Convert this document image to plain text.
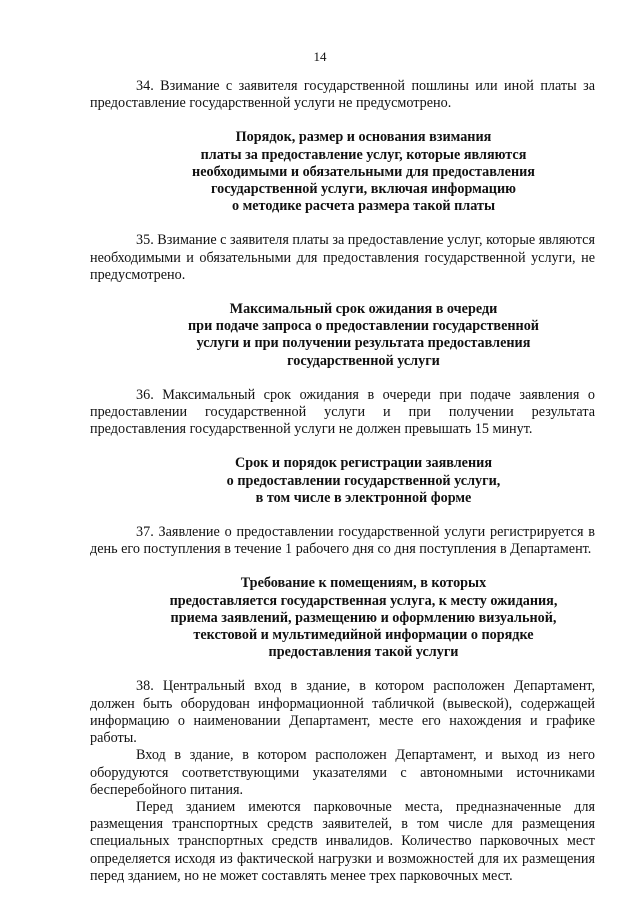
14

34. Взимание с заявителя государственной пошлины или иной платы за предоставление государственной услуги не предусмотрено.

Порядок, размер и основания взимания
платы за предоставление услуг, которые являются
необходимыми и обязательными для предоставления
государственной услуги, включая информацию
о методике расчета размера такой платы

35. Взимание с заявителя платы за предоставление услуг, которые являются необходимыми и обязательными для предоставления государственной услуги, не предусмотрено.

Максимальный срок ожидания в очереди
при подаче запроса о предоставлении государственной
услуги и при получении результата предоставления
государственной услуги

36. Максимальный срок ожидания в очереди при подаче заявления о предоставлении государственной услуги и при получении результата предоставления государственной услуги не должен превышать 15 минут.

Срок и порядок регистрации заявления
о предоставлении государственной услуги,
в том числе в электронной форме

37. Заявление о предоставлении государственной услуги регистрируется в день его поступления в течение 1 рабочего дня со дня поступления в Департамент.

Требование к помещениям, в которых
предоставляется государственная услуга, к месту ожидания,
приема заявлений, размещению и оформлению визуальной,
текстовой и мультимедийной информации о порядке
предоставления такой услуги

38. Центральный вход в здание, в котором расположен Департамент, должен быть оборудован информационной табличкой (вывеской), содержащей информацию о наименовании Департамент, месте его нахождения и графике работы.

Вход в здание, в котором расположен Департамент, и выход из него оборудуются соответствующими указателями с автономными источниками бесперебойного питания.

Перед зданием имеются парковочные места, предназначенные для размещения транспортных средств заявителей, в том числе для размещения специальных транспортных средств инвалидов. Количество парковочных мест определяется исходя из фактической нагрузки и возможностей для их размещения перед зданием, но не может составлять менее трех парковочных мест.
